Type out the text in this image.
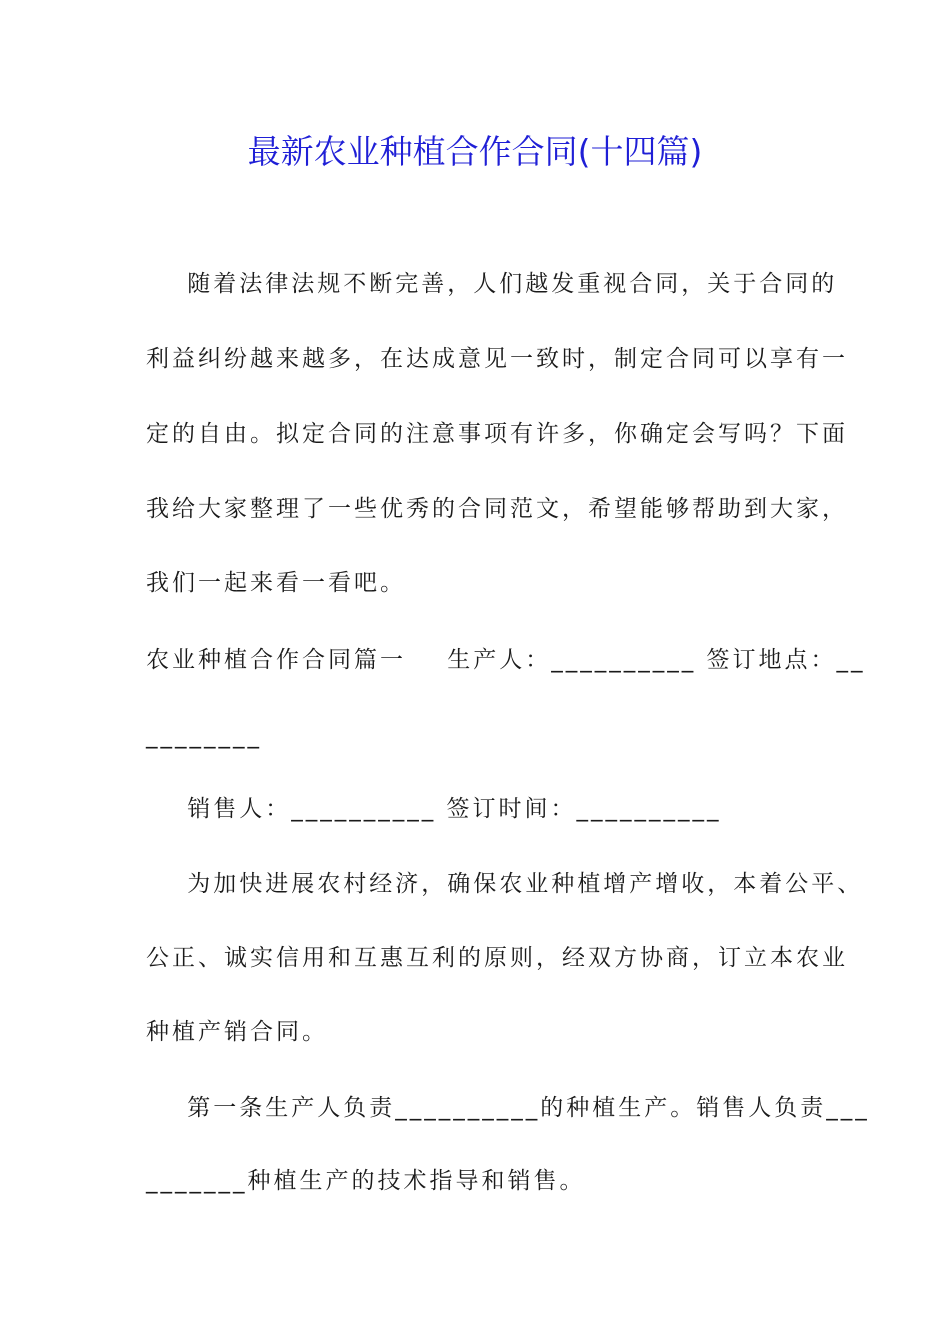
最新农业种植合作合同(十四篇)
随着法律法规不断完善，人们越发重视合同，关于合同的
利益纠纷越来越多，在达成意见一致时，制定合同可以享有一
定的自由。拟定合同的注意事项有许多，你确定会写吗？下面
我给大家整理了一些优秀的合同范文，希望能够帮助到大家，
我们一起来看一看吧。
农业种植合作合同篇一    生产人：__________ 签订地点：__
________
销售人：__________ 签订时间：__________
为加快进展农村经济，确保农业种植增产增收，本着公平、
公正、诚实信用和互惠互利的原则，经双方协商，订立本农业
种植产销合同。
第一条生产人负责__________的种植生产。销售人负责___
_______种植生产的技术指导和销售。
